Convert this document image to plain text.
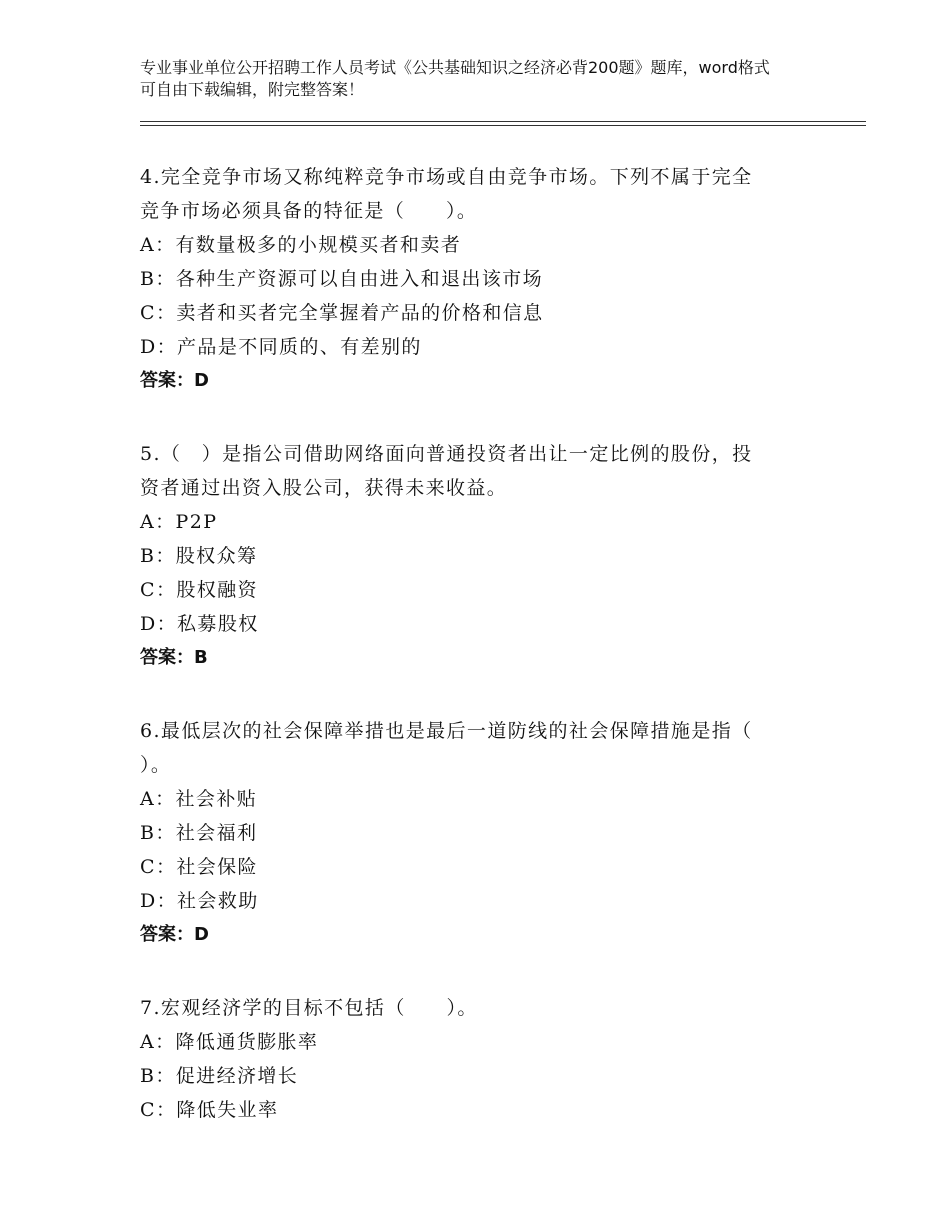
专业事业单位公开招聘工作人员考试《公共基础知识之经济必背200题》题库，word格式可自由下载编辑，附完整答案！
4.完全竞争市场又称纯粹竞争市场或自由竞争市场。下列不属于完全
竞争市场必须具备的特征是（　　）。
A：有数量极多的小规模买者和卖者
B：各种生产资源可以自由进入和退出该市场
C：卖者和买者完全掌握着产品的价格和信息
D：产品是不同质的、有差别的
答案：D
5.（　）是指公司借助网络面向普通投资者出让一定比例的股份，投
资者通过出资入股公司，获得未来收益。
A：P2P
B：股权众筹
C：股权融资
D：私募股权
答案：B
6.最低层次的社会保障举措也是最后一道防线的社会保障措施是指（
）。
A：社会补贴
B：社会福利
C：社会保险
D：社会救助
答案：D
7.宏观经济学的目标不包括（　　）。
A：降低通货膨胀率
B：促进经济增长
C：降低失业率
